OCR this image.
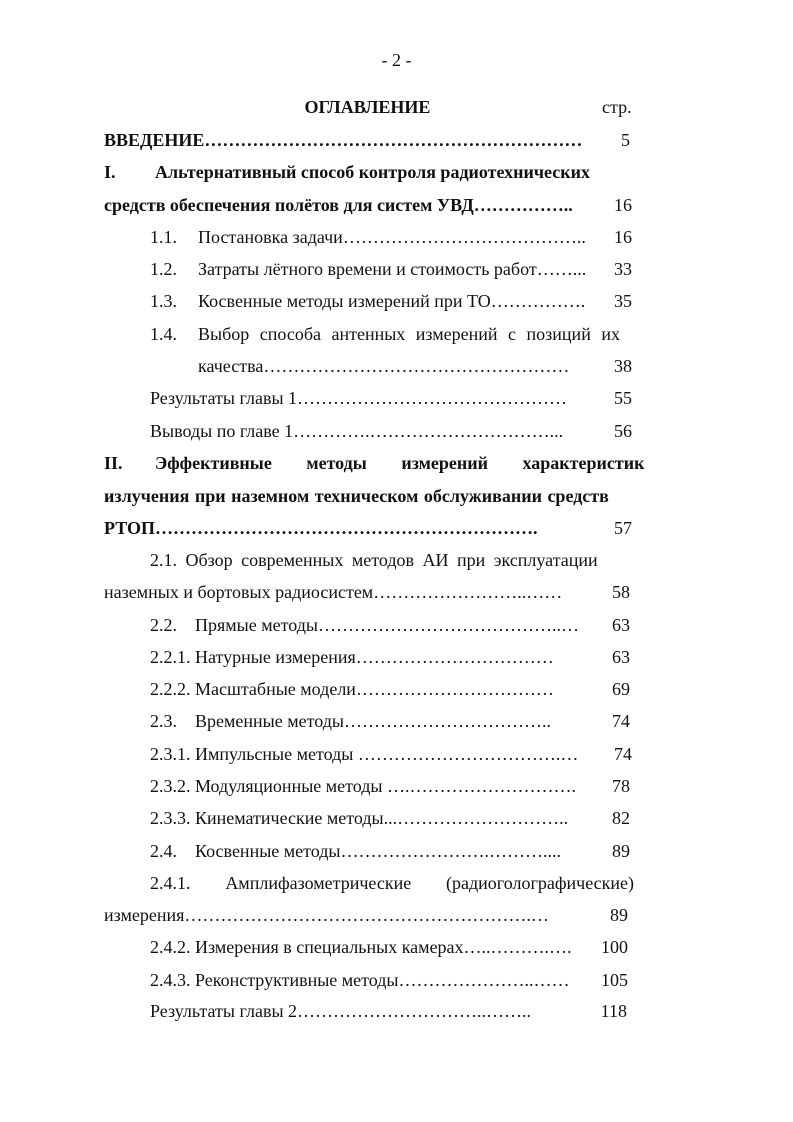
- 2 -
ОГЛАВЛЕНИЕ	стр.
ВВЕДЕНИЕ………………………………………………………	5
I. Альтернативный способ контроля радиотехнических
средств обеспечения полётов для систем УВД……………..	16
1.1. Постановка задачи…………………………………..	16
1.2. Затраты лётного времени и стоимость работ……...	33
1.3. Косвенные методы измерений при ТО…………….	35
1.4. Выбор способа антенных измерений с позиций их
качества……………………………………………	38
Результаты главы 1………………………………………	55
Выводы по главе 1………….…………………………...	56
II. Эффективные методы измерений характеристик
излучения при наземном техническом обслуживании средств
РТОП……………………………………………………….	57
2.1. Обзор современных методов АИ при эксплуатации
наземных и бортовых радиосистем……………………..……	58
2.2.    Прямые методы…………………………………..…	63
2.2.1. Натурные измерения……………………………	63
2.2.2. Масштабные модели……………………………	69
2.3.    Временные методы……………………………..	74
2.3.1. Импульсные методы …………………………….…	74
2.3.2. Модуляционные методы ….……………………….	78
2.3.3. Кинематические методы...………………………..	82
2.4.    Косвенные методы…………………….………....	89
2.4.1. Амплифазометрические (радиоголографические)
измерения………………………………………………….…	89
2.4.2. Измерения в специальных камерах…..……….….	100
2.4.3. Реконструктивные методы…………………..……	105
Результаты главы 2…………………………..……..	118
